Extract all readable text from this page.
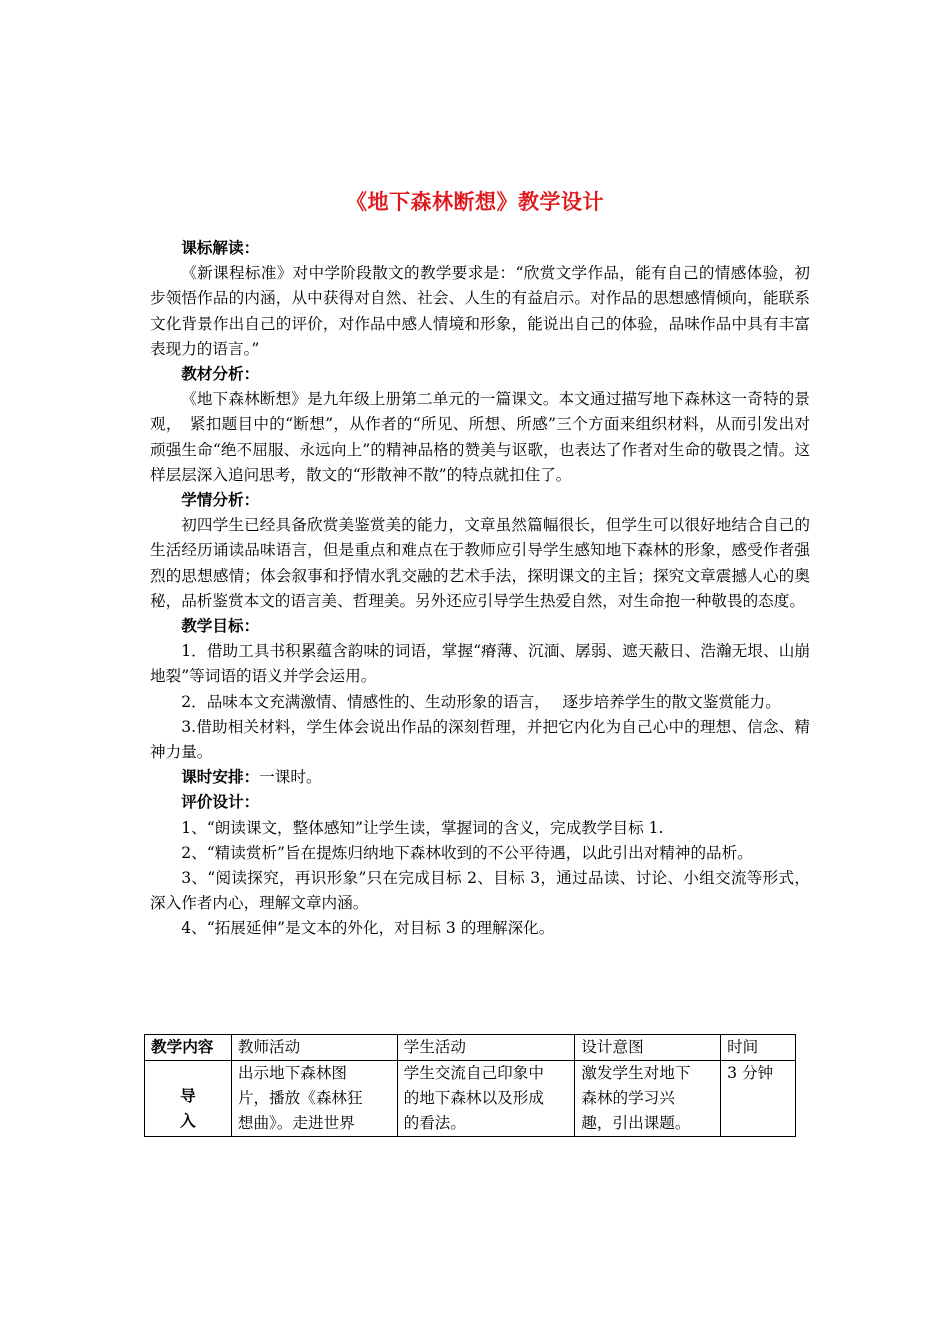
《地下森林断想》教学设计

课标解读：

《新课程标准》对中学阶段散文的教学要求是：“欣赏文学作品，能有自己的情感体验，初步领悟作品的内涵，从中获得对自然、社会、人生的有益启示。对作品的思想感情倾向，能联系文化背景作出自己的评价，对作品中感人情境和形象，能说出自己的体验，品味作品中具有丰富表现力的语言。”

教材分析：

《地下森林断想》是九年级上册第二单元的一篇课文。本文通过描写地下森林这一奇特的景观，　紧扣题目中的“断想”，从作者的“所见、所想、所感”三个方面来组织材料，从而引发出对顽强生命“绝不屈服、永远向上”的精神品格的赞美与讴歌，也表达了作者对生命的敬畏之情。这样层层深入追问思考，散文的“形散神不散”的特点就扣住了。

学情分析：

初四学生已经具备欣赏美鉴赏美的能力，文章虽然篇幅很长，但学生可以很好地结合自己的生活经历诵读品味语言，但是重点和难点在于教师应引导学生感知地下森林的形象，感受作者强烈的思想感情；体会叙事和抒情水乳交融的艺术手法，探明课文的主旨；探究文章震撼人心的奥秘，品析鉴赏本文的语言美、哲理美。另外还应引导学生热爱自然，对生命抱一种敬畏的态度。

教学目标：

1．借助工具书积累蕴含韵味的词语，掌握“瘠薄、沉湎、孱弱、遮天蔽日、浩瀚无垠、山崩地裂”等词语的语义并学会运用。

2．品味本文充满激情、情感性的、生动形象的语言，　 逐步培养学生的散文鉴赏能力。

3.借助相关材料，学生体会说出作品的深刻哲理，并把它内化为自己心中的理想、信念、精神力量。

课时安排：一课时。

评价设计：

1、“朗读课文，整体感知”让学生读，掌握词的含义，完成教学目标 1.

2、“精读赏析”旨在提炼归纳地下森林收到的不公平待遇，以此引出对精神的品析。

3、“阅读探究，再识形象”只在完成目标 2、目标 3，通过品读、讨论、小组交流等形式，深入作者内心，理解文章内涵。

4、“拓展延伸”是文本的外化，对目标 3 的理解深化。

教学内容	教师活动	学生活动	设计意图	时间

导
入	出示地下森林图
片，播放《森林狂
想曲》。走进世界	学生交流自己印象中
的地下森林以及形成
的看法。	激发学生对地下
森林的学习兴
趣，引出课题。	3 分钟
